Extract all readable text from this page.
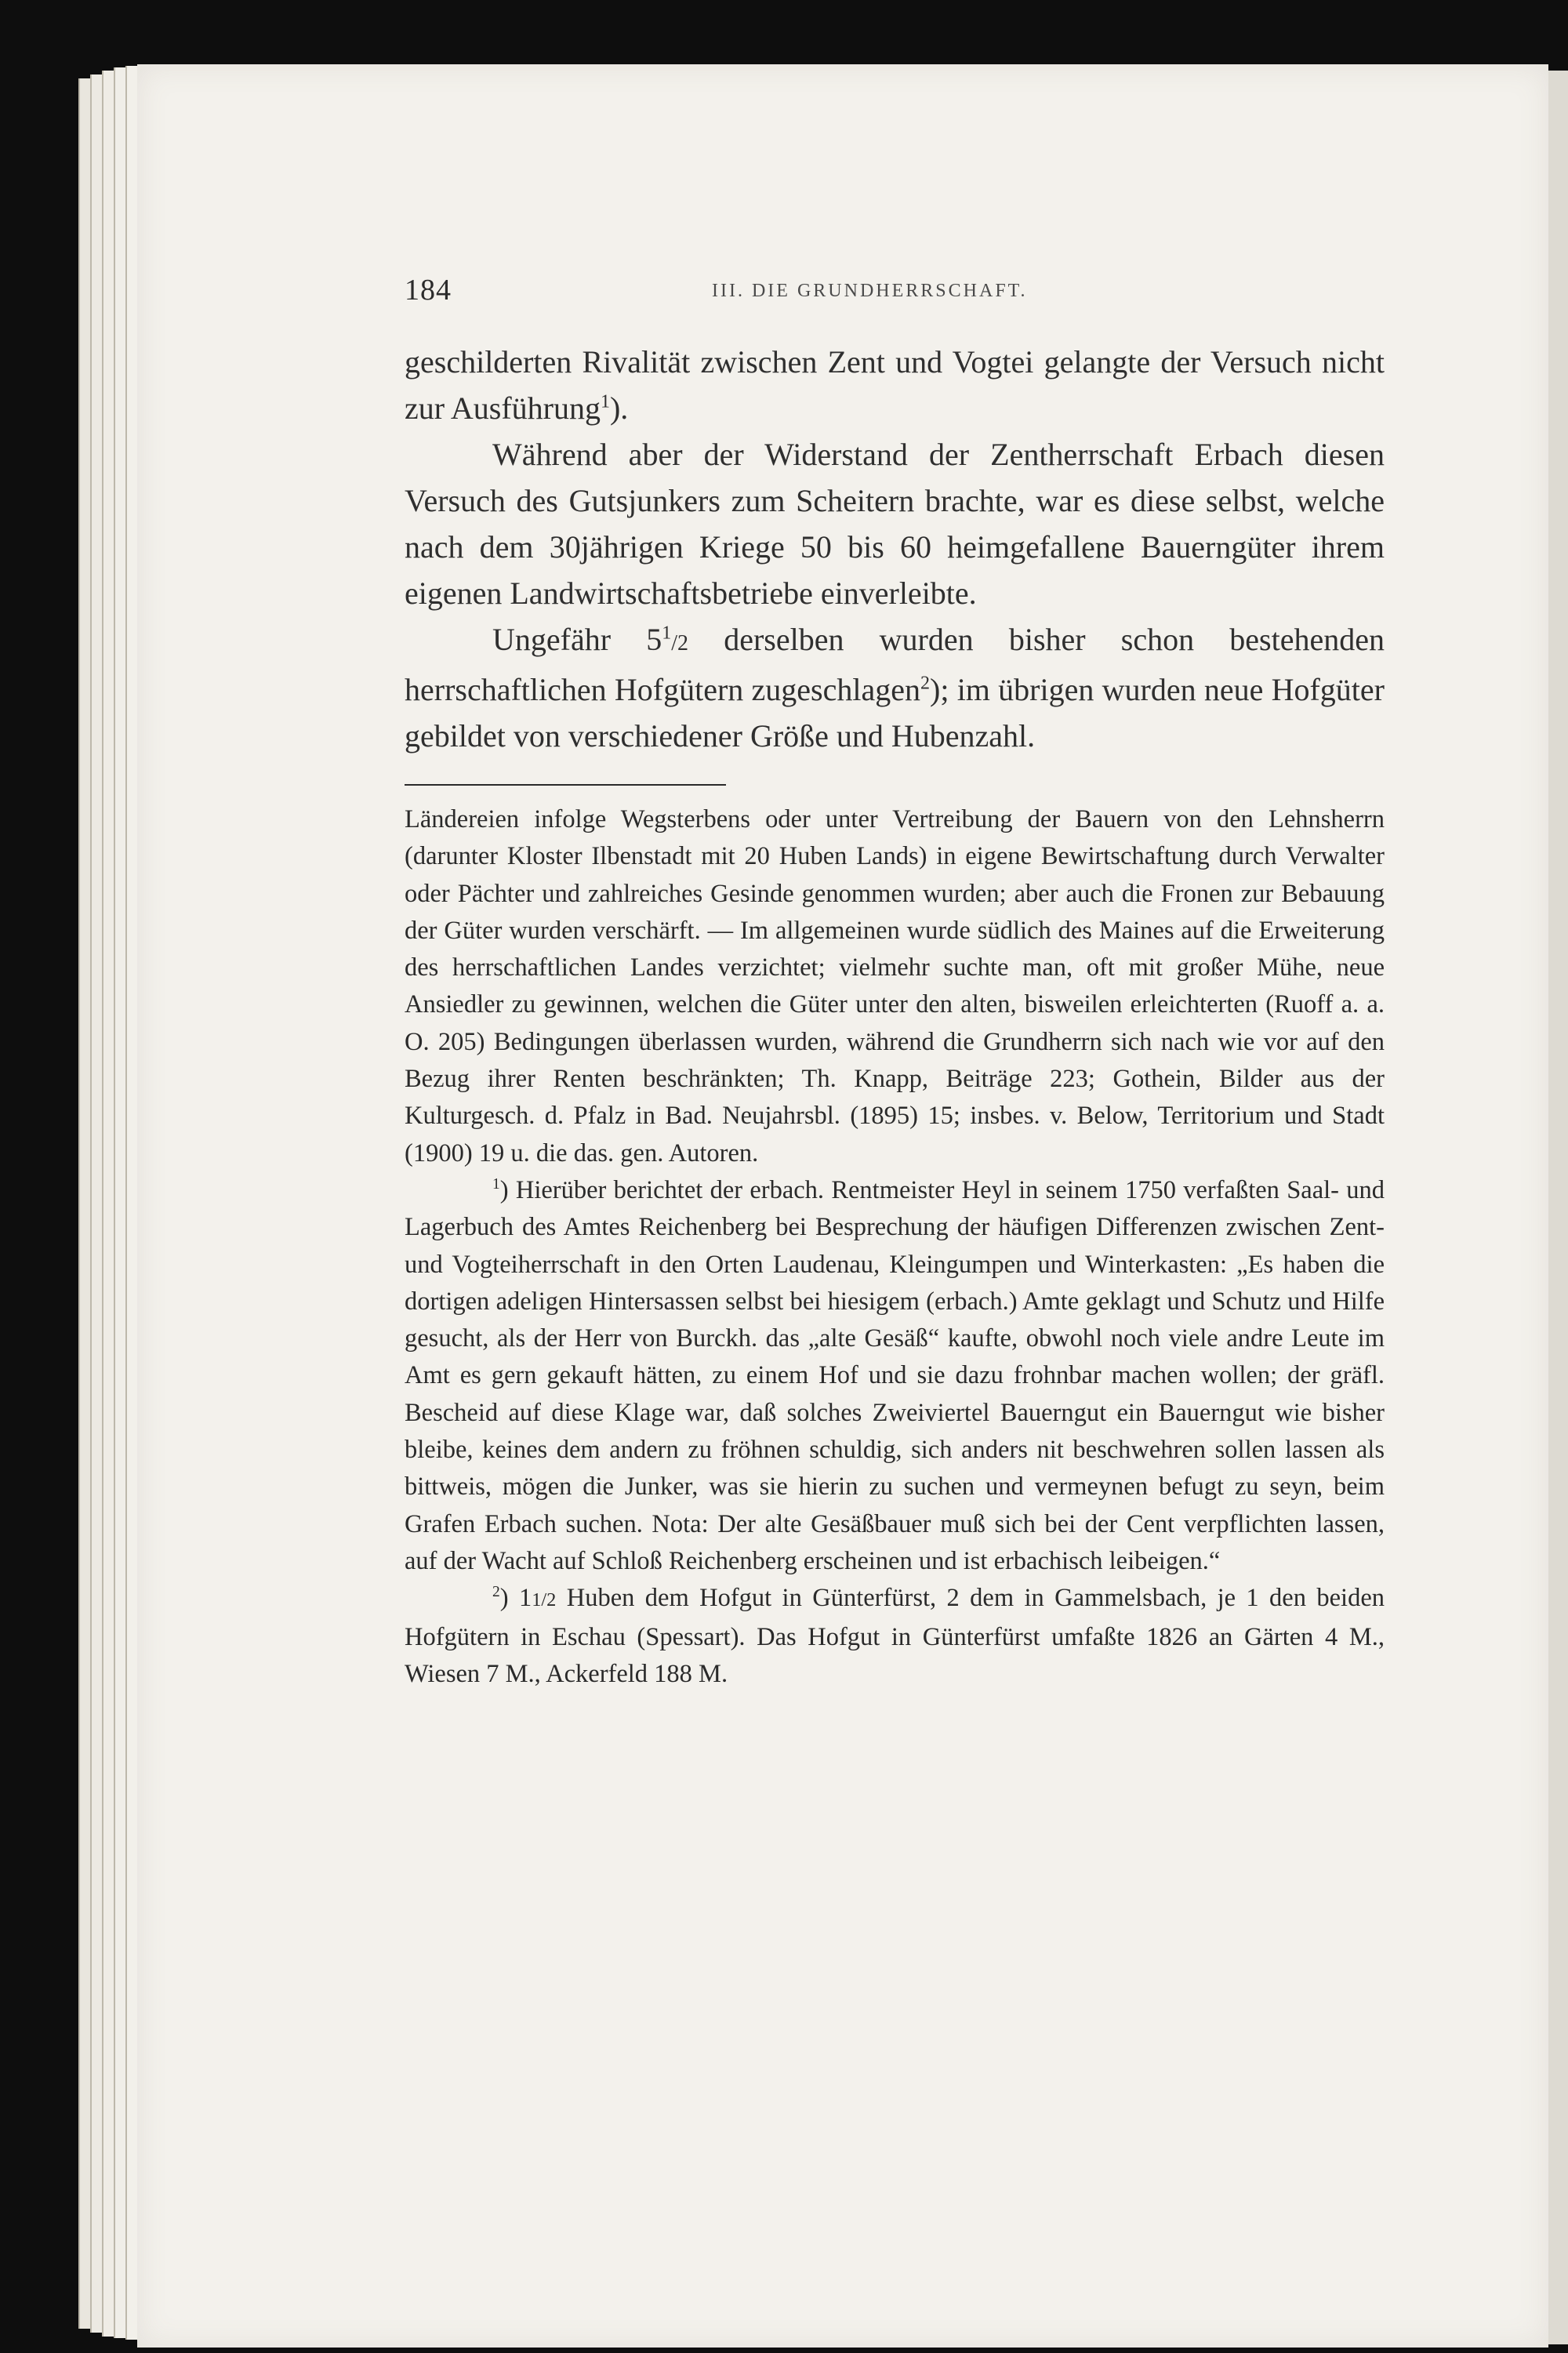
184	III. DIE GRUNDHERRSCHAFT.

geschilderten Rivalität zwischen Zent und Vogtei gelangte der Versuch nicht zur Ausführung$^1$).

Während aber der Widerstand der Zentherrschaft Erbach diesen Versuch des Gutsjunkers zum Scheitern brachte, war es diese selbst, welche nach dem 30jährigen Kriege 50 bis 60 heimgefallene Bauerngüter ihrem eigenen Landwirtschaftsbetriebe einverleibte.

Ungefähr $5^1/2$ derselben wurden bisher schon bestehenden herrschaftlichen Hofgütern zugeschlagen$^2$); im übrigen wurden neue Hofgüter gebildet von verschiedener Größe und Hubenzahl.

Ländereien infolge Wegsterbens oder unter Vertreibung der Bauern von den Lehnsherrn (darunter Kloster Ilbenstadt mit 20 Huben Lands) in eigene Bewirtschaftung durch Verwalter oder Pächter und zahlreiches Gesinde genommen wurden; aber auch die Fronen zur Bebauung der Güter wurden verschärft. — Im allgemeinen wurde südlich des Maines auf die Erweiterung des herrschaftlichen Landes verzichtet; vielmehr suchte man, oft mit großer Mühe, neue Ansiedler zu gewinnen, welchen die Güter unter den alten, bisweilen erleichterten (Ruoff a. a. O. 205) Bedingungen überlassen wurden, während die Grundherrn sich nach wie vor auf den Bezug ihrer Renten beschränkten; Th. Knapp, Beiträge 223; Gothein, Bilder aus der Kulturgesch. d. Pfalz in Bad. Neujahrsbl. (1895) 15; insbes. v. Below, Territorium und Stadt (1900) 19 u. die das. gen. Autoren.

$^1$) Hierüber berichtet der erbach. Rentmeister Heyl in seinem 1750 verfaßten Saal- und Lagerbuch des Amtes Reichenberg bei Besprechung der häufigen Differenzen zwischen Zent- und Vogteiherrschaft in den Orten Laudenau, Kleingumpen und Winterkasten: „Es haben die dortigen adeligen Hintersassen selbst bei hiesigem (erbach.) Amte geklagt und Schutz und Hilfe gesucht, als der Herr von Burckh. das „alte Gesäß“ kaufte, obwohl noch viele andre Leute im Amt es gern gekauft hätten, zu einem Hof und sie dazu frohnbar machen wollen; der gräfl. Bescheid auf diese Klage war, daß solches Zweiviertel Bauerngut ein Bauerngut wie bisher bleibe, keines dem andern zu fröhnen schuldig, sich anders nit beschwehren sollen lassen als bittweis, mögen die Junker, was sie hierin zu suchen und vermeynen befugt zu seyn, beim Grafen Erbach suchen. Nota: Der alte Gesäßbauer muß sich bei der Cent verpflichten lassen, auf der Wacht auf Schloß Reichenberg erscheinen und ist erbachisch leibeigen.“

$^2$) 11/2 Huben dem Hofgut in Günterfürst, 2 dem in Gammelsbach, je 1 den beiden Hofgütern in Eschau (Spessart). Das Hofgut in Günterfürst umfaßte 1826 an Gärten 4 M., Wiesen 7 M., Ackerfeld 188 M.
